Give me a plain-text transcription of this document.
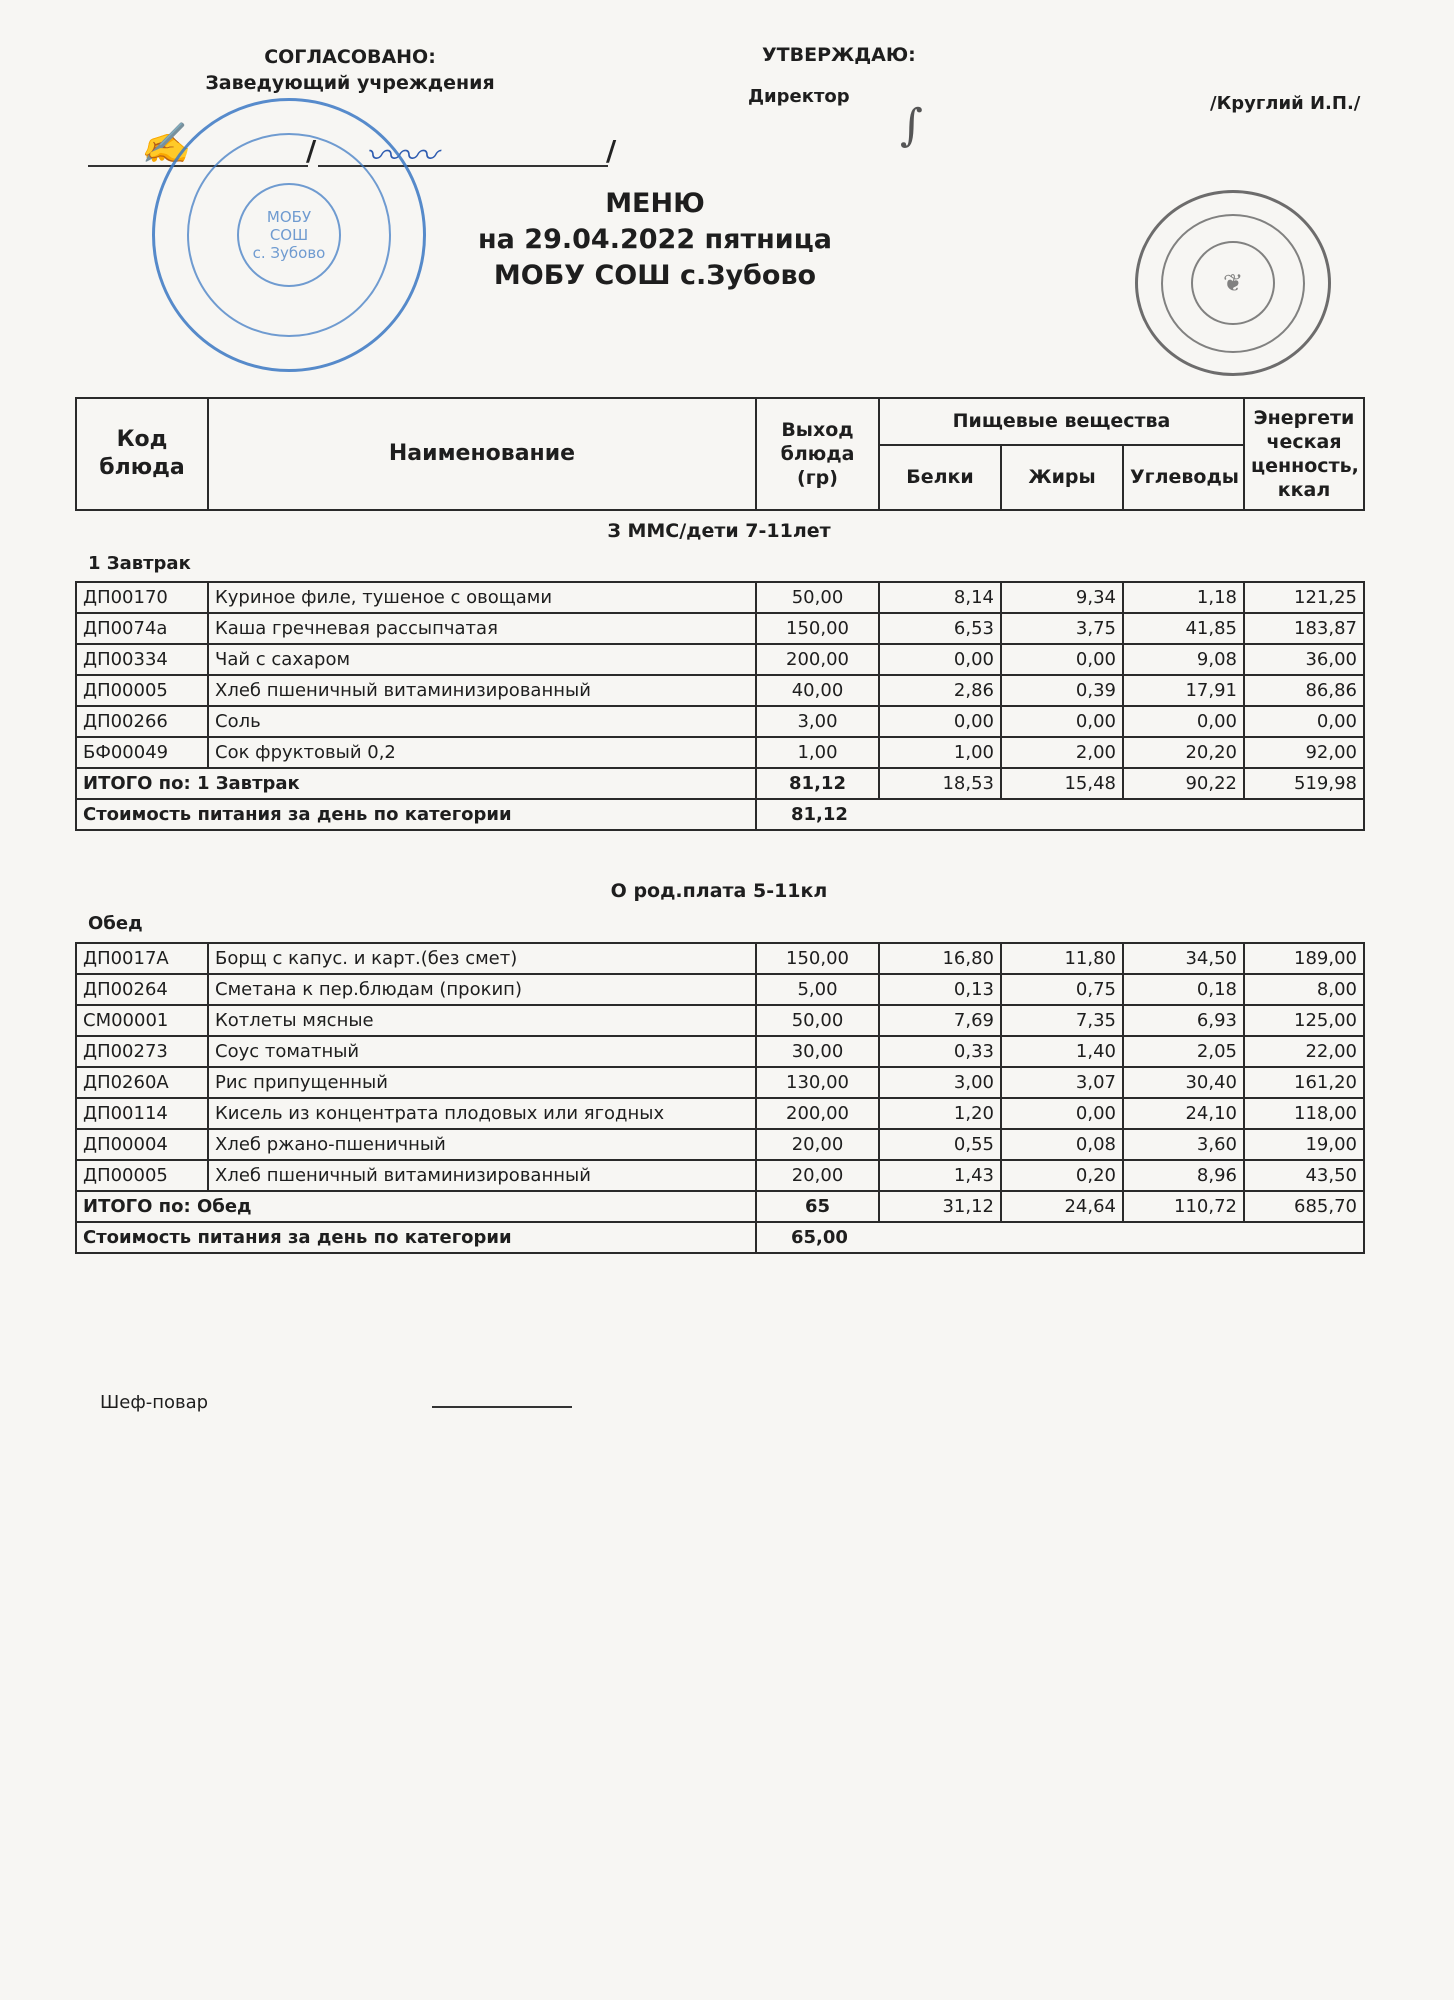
СОГЛАСОВАНО:
Заведующий учреждения
/	/
✍	〰〰
УТВЕРЖДАЮ:
Директор
∫	/Круглий И.П./
МОБУ
СОШ
с. Зубово
❦
МЕНЮ
на 29.04.2022 пятница
МОБУ СОШ с.Зубово
Код блюда	Наименование	Выход блюда (гр)	Пищевые вещества			Энергети ческая ценность, ккал
			Белки	Жиры	Углеводы	
З ММС/дети 7-11лет
1 Завтрак
ДП00170	Куриное филе, тушеное с овощами	50,00	8,14	9,34	1,18	121,25
ДП0074а	Каша гречневая рассыпчатая	150,00	6,53	3,75	41,85	183,87
ДП00334	Чай с сахаром	200,00	0,00	0,00	9,08	36,00
ДП00005	Хлеб пшеничный витаминизированный	40,00	2,86	0,39	17,91	86,86
ДП00266	Соль	3,00	0,00	0,00	0,00	0,00
БФ00049	Сок фруктовый 0,2	1,00	1,00	2,00	20,20	92,00
ИТОГО по: 1 Завтрак		81,12	18,53	15,48	90,22	519,98
Стоимость питания за день по категории		81,12				
О род.плата 5-11кл
Обед
ДП0017А	Борщ с капус. и карт.(без смет)	150,00	16,80	11,80	34,50	189,00
ДП00264	Сметана к пер.блюдам (прокип)	5,00	0,13	0,75	0,18	8,00
СМ00001	Котлеты мясные	50,00	7,69	7,35	6,93	125,00
ДП00273	Соус томатный	30,00	0,33	1,40	2,05	22,00
ДП0260А	Рис припущенный	130,00	3,00	3,07	30,40	161,20
ДП00114	Кисель из концентрата плодовых или ягодных	200,00	1,20	0,00	24,10	118,00
ДП00004	Хлеб ржано-пшеничный	20,00	0,55	0,08	3,60	19,00
ДП00005	Хлеб пшеничный витаминизированный	20,00	1,43	0,20	8,96	43,50
ИТОГО по: Обед		65	31,12	24,64	110,72	685,70
Стоимость питания за день по категории		65,00				
Шеф-повар
